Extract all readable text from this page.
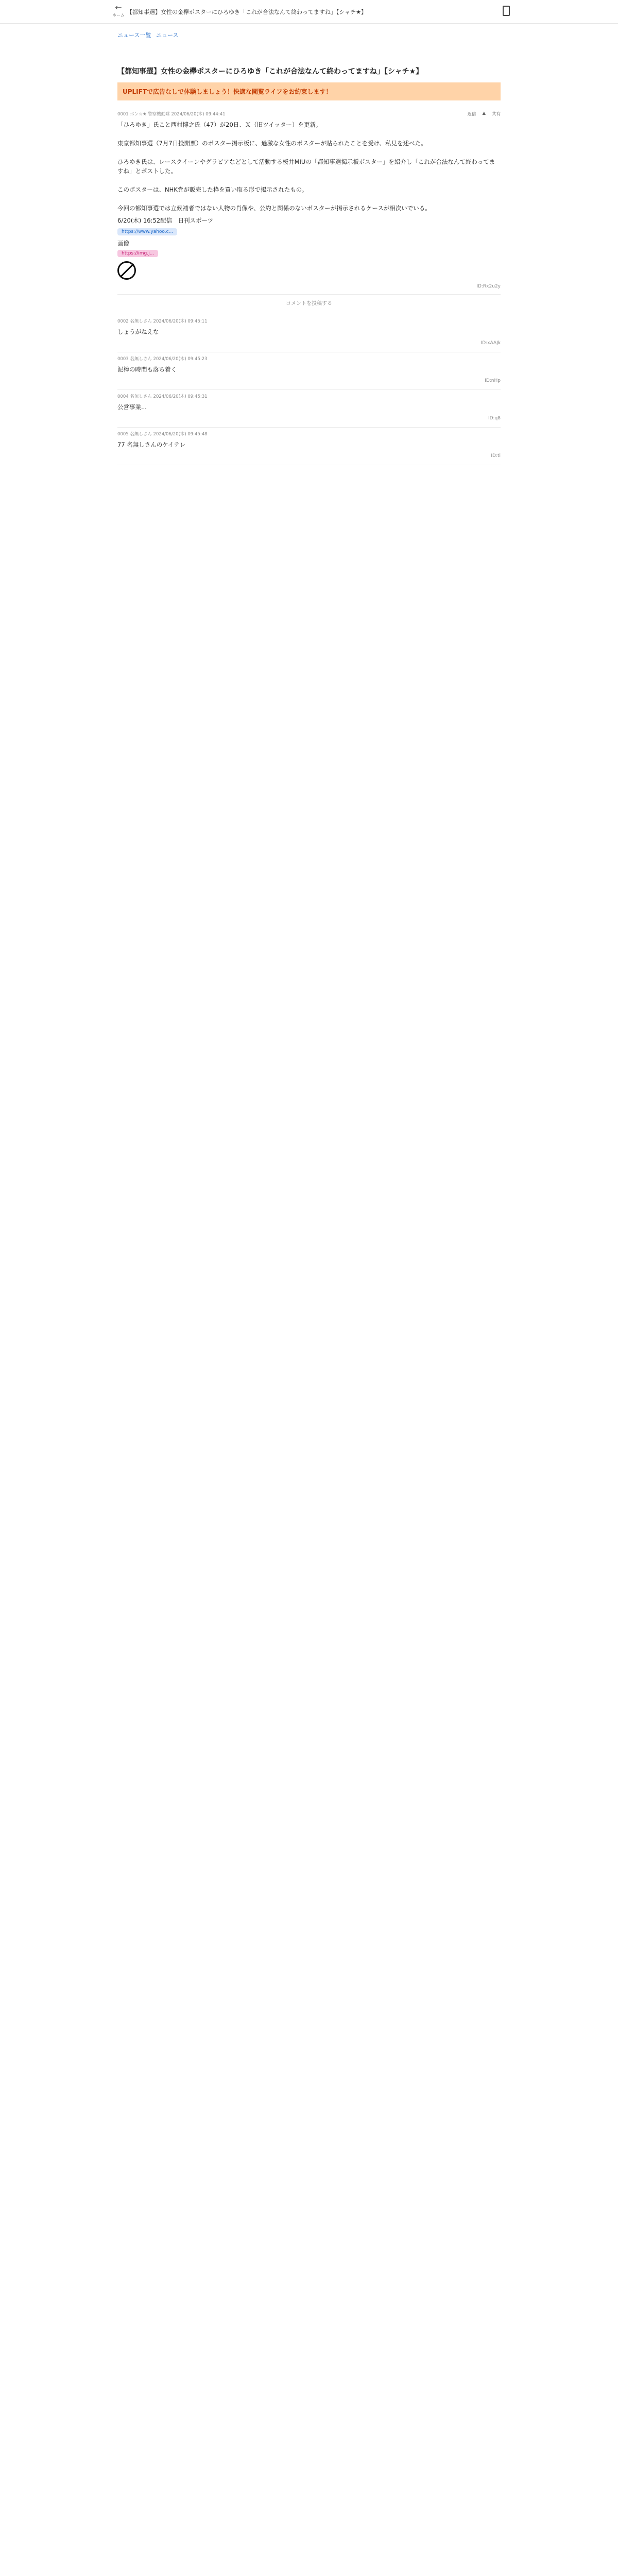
←
ホーム 【都知事選】女性の金欅ポスターにひろゆき「これが合法なんて終わってますね」【シャチ★】
ニュース一覧 ニュース
【都知事選】女性の金欅ポスターにひろゆき「これが合法なんて終わってますね」【シャチ★】
UPLIFTで広告なしで体験しましょう！快適な閲覧ライフをお約束します！
0001 ポン☆★ 警察機動隊 2024/06/20(木) 09:44:41	返信 ▲ 共有
「ひろゆき」氏こと西村博之氏（47）が20日、Ｘ（旧ツイッター）を更新。

東京都知事選（7月7日投開票）のポスター掲示板に、過激な女性のポスターが貼られたことを受け、私見を述べた。

ひろゆき氏は、レースクイーンやグラビアなどとして活動する桜井MIUの「都知事選掲示板ポスター」を紹介し「これが合法なんて終わってますね」とポストした。

このポスターは、NHK党が販売した枠を買い取る形で掲示されたもの。

今回の都知事選では立候補者ではない人物の肖像や、公約と関係のないポスターが掲示されるケースが相次いでいる。
6/20(木) 16:52配信　日刊スポーツ
https://www.yahoo.c...

画像
https://img.j...
ID:Rx2u2y
コメントを投稿する
0002 名無しさん 2024/06/20(木) 09:45:11
しょうがねえな
ID:xAAJk
0003 名無しさん 2024/06/20(木) 09:45:23
泥棒の時間も落ち着く
ID:nHp
0004 名無しさん 2024/06/20(木) 09:45:31
公営事業...
ID:q8
0005 名無しさん 2024/06/20(木) 09:45:48
77 名無しさんのケイテレ
ID:ti
